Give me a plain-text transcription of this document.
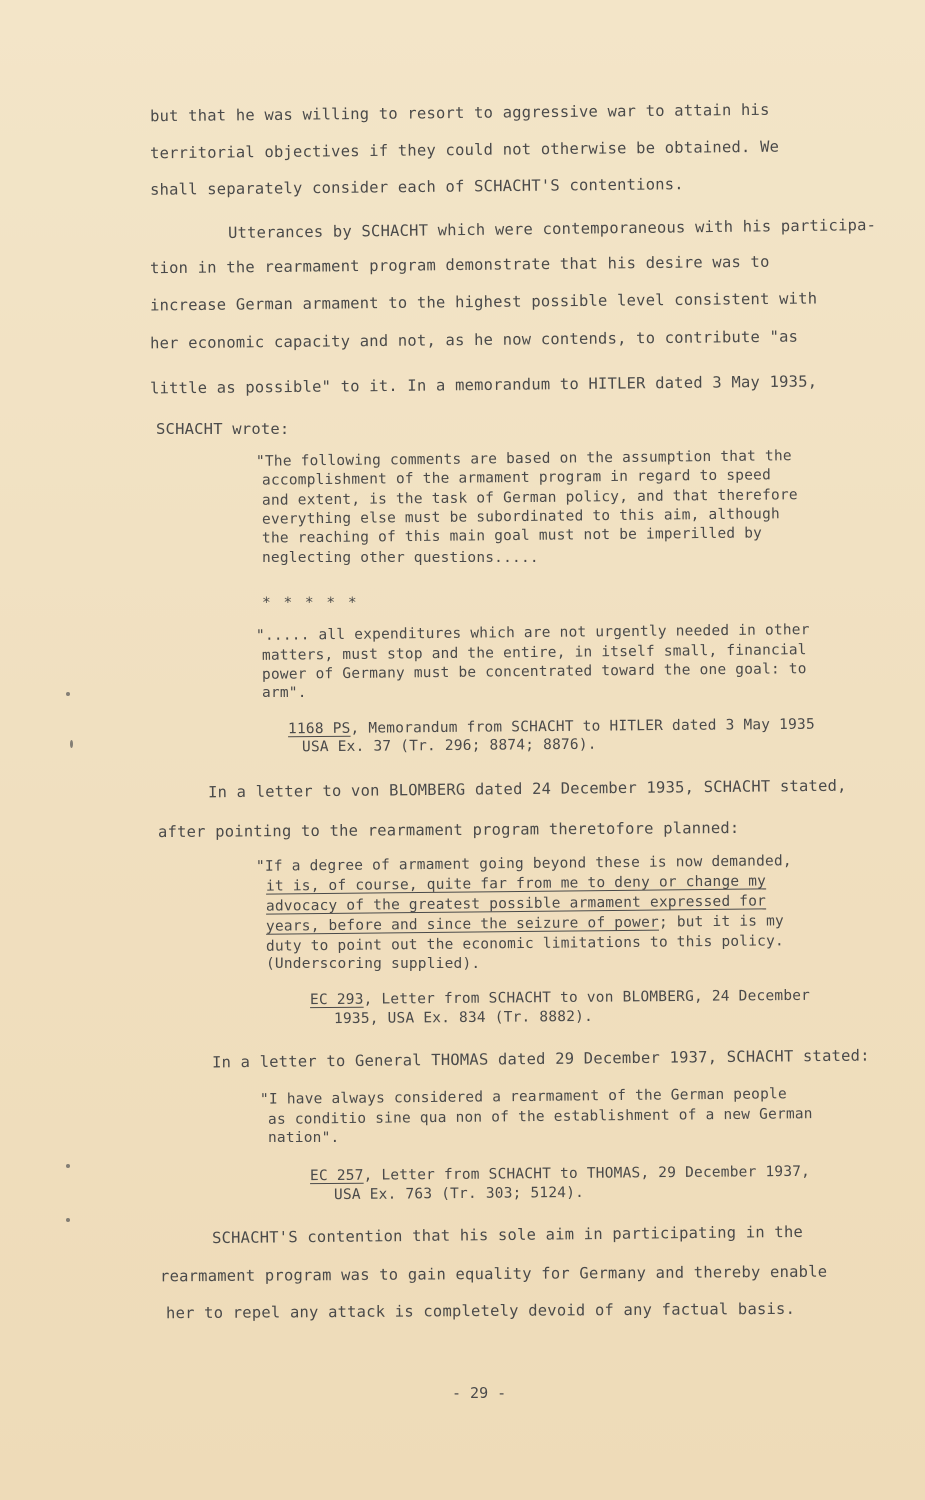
but that he was willing to resort to aggressive war to attain his
territorial objectives if they could not otherwise be obtained. We
shall separately consider each of SCHACHT'S contentions.
Utterances by SCHACHT which were contemporaneous with his participa-
tion in the rearmament program demonstrate that his desire was to
increase German armament to the highest possible level consistent with
her economic capacity and not, as he now contends, to contribute "as
little as possible" to it. In a memorandum to HITLER dated 3 May 1935,
SCHACHT wrote:
"The following comments are based on the assumption that the
accomplishment of the armament program in regard to speed
and extent, is the task of German policy, and that therefore
everything else must be subordinated to this aim, although
the reaching of this main goal must not be imperilled by
neglecting other questions.....
* * * * *
"..... all expenditures which are not urgently needed in other
matters, must stop and the entire, in itself small, financial
power of Germany must be concentrated toward the one goal: to
arm".
1168 PS, Memorandum from SCHACHT to HITLER dated 3 May 1935
USA Ex. 37 (Tr. 296; 8874; 8876).
In a letter to von BLOMBERG dated 24 December 1935, SCHACHT stated,
after pointing to the rearmament program theretofore planned:
"If a degree of armament going beyond these is now demanded,
it is, of course, quite far from me to deny or change my
advocacy of the greatest possible armament expressed for
years, before and since the seizure of power; but it is my
duty to point out the economic limitations to this policy.
(Underscoring supplied).
EC 293, Letter from SCHACHT to von BLOMBERG, 24 December
1935, USA Ex. 834 (Tr. 8882).
In a letter to General THOMAS dated 29 December 1937, SCHACHT stated:
"I have always considered a rearmament of the German people
as conditio sine qua non of the establishment of a new German
nation".
EC 257, Letter from SCHACHT to THOMAS, 29 December 1937,
USA Ex. 763 (Tr. 303; 5124).
SCHACHT'S contention that his sole aim in participating in the
rearmament program was to gain equality for Germany and thereby enable
her to repel any attack is completely devoid of any factual basis.
- 29 -
